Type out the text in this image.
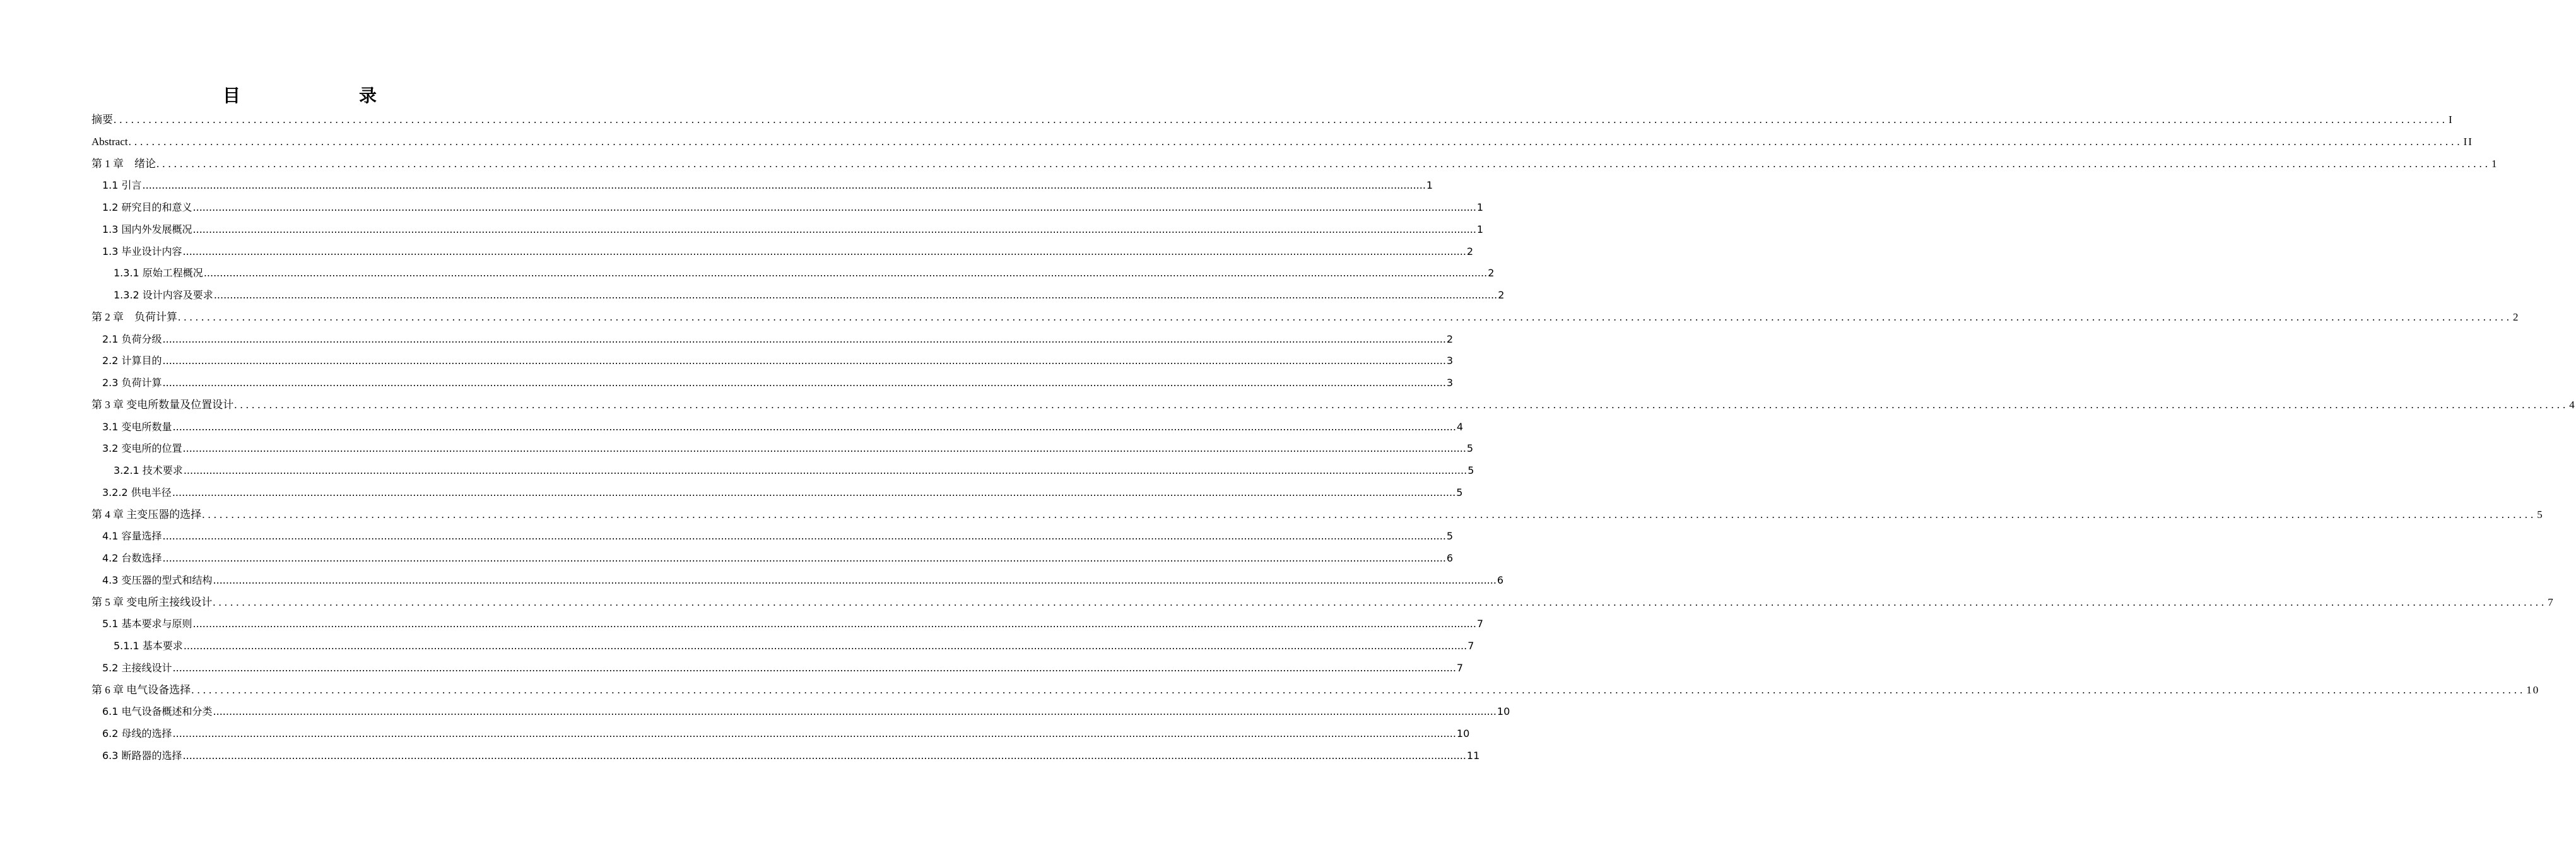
目　　录
摘要 ................................................................................................................................................................................................................................................................................................................................................................................................................ I
Abstract ................................................................................................................................................................................................................................................................................................................................................................................................................ II
第 1 章　绪论 ................................................................................................................................................................................................................................................................................................................................................................................................................ 1
1.1 引言 ................................................................................................................................................................................................................................................................................................................................................................................................................ 1
1.2 研究目的和意义 ................................................................................................................................................................................................................................................................................................................................................................................................................ 1
1.3 国内外发展概况 ................................................................................................................................................................................................................................................................................................................................................................................................................ 1
1.3 毕业设计内容 ................................................................................................................................................................................................................................................................................................................................................................................................................ 2
1.3.1 原始工程概况 ................................................................................................................................................................................................................................................................................................................................................................................................................ 2
1.3.2 设计内容及要求 ................................................................................................................................................................................................................................................................................................................................................................................................................ 2
第 2 章　负荷计算 ................................................................................................................................................................................................................................................................................................................................................................................................................ 2
2.1 负荷分级 ................................................................................................................................................................................................................................................................................................................................................................................................................ 2
2.2 计算目的 ................................................................................................................................................................................................................................................................................................................................................................................................................ 3
2.3 负荷计算 ................................................................................................................................................................................................................................................................................................................................................................................................................ 3
第 3 章 变电所数量及位置设计 ................................................................................................................................................................................................................................................................................................................................................................................................................ 4
3.1 变电所数量 ................................................................................................................................................................................................................................................................................................................................................................................................................ 4
3.2 变电所的位置 ................................................................................................................................................................................................................................................................................................................................................................................................................ 5
3.2.1 技术要求 ................................................................................................................................................................................................................................................................................................................................................................................................................ 5
3.2.2 供电半径 ................................................................................................................................................................................................................................................................................................................................................................................................................ 5
第 4 章 主变压器的选择 ................................................................................................................................................................................................................................................................................................................................................................................................................ 5
4.1 容量选择 ................................................................................................................................................................................................................................................................................................................................................................................................................ 5
4.2 台数选择 ................................................................................................................................................................................................................................................................................................................................................................................................................ 6
4.3 变压器的型式和结构 ................................................................................................................................................................................................................................................................................................................................................................................................................ 6
第 5 章 变电所主接线设计 ................................................................................................................................................................................................................................................................................................................................................................................................................ 7
5.1 基本要求与原则 ................................................................................................................................................................................................................................................................................................................................................................................................................ 7
5.1.1 基本要求 ................................................................................................................................................................................................................................................................................................................................................................................................................ 7
5.2 主接线设计 ................................................................................................................................................................................................................................................................................................................................................................................................................ 7
第 6 章 电气设备选择 ................................................................................................................................................................................................................................................................................................................................................................................................................ 10
6.1 电气设备概述和分类 ................................................................................................................................................................................................................................................................................................................................................................................................................ 10
6.2 母线的选择 ................................................................................................................................................................................................................................................................................................................................................................................................................ 10
6.3 断路器的选择 ................................................................................................................................................................................................................................................................................................................................................................................................................ 11
